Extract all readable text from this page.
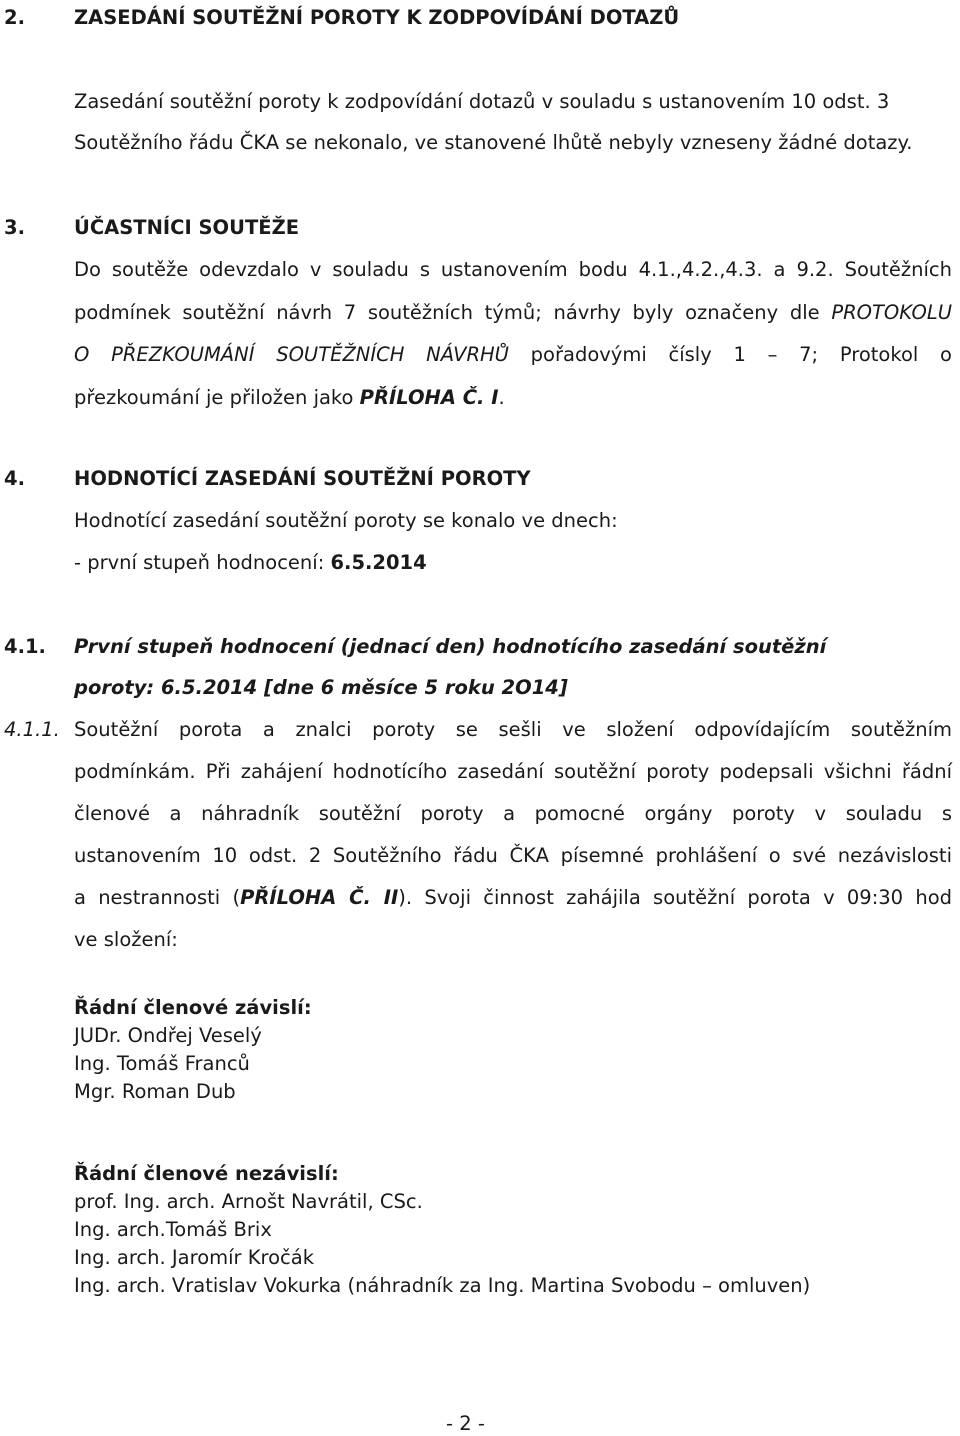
2.	ZASEDÁNÍ SOUTĚŽNÍ POROTY K ZODPOVÍDÁNÍ DOTAZŮ
Zasedání soutěžní poroty k zodpovídání dotazů v souladu s ustanovením 10 odst. 3
Soutěžního řádu ČKA se nekonalo, ve stanovené lhůtě nebyly vzneseny žádné dotazy.
3.	ÚČASTNÍCI SOUTĚŽE
Do soutěže odevzdalo v souladu s ustanovením bodu 4.1.,4.2.,4.3. a 9.2. Soutěžních
podmínek soutěžní návrh 7 soutěžních týmů; návrhy byly označeny dle PROTOKOLU
O PŘEZKOUMÁNÍ SOUTĚŽNÍCH NÁVRHŮ pořadovými čísly 1 – 7; Protokol o
přezkoumání je přiložen jako PŘÍLOHA Č. I.
4.	HODNOTÍCÍ ZASEDÁNÍ SOUTĚŽNÍ POROTY
Hodnotící zasedání soutěžní poroty se konalo ve dnech:
- první stupeň hodnocení: 6.5.2014
4.1. První stupeň hodnocení (jednací den) hodnotícího zasedání soutěžní
poroty: 6.5.2014 [dne 6 měsíce 5 roku 2O14]
4.1.1. Soutěžní porota a znalci poroty se sešli ve složení odpovídajícím soutěžním
podmínkám. Při zahájení hodnotícího zasedání soutěžní poroty podepsali všichni řádní
členové a náhradník soutěžní poroty a pomocné orgány poroty v souladu s
ustanovením 10 odst. 2 Soutěžního řádu ČKA písemné prohlášení o své nezávislosti
a nestrannosti (PŘÍLOHA Č. II). Svoji činnost zahájila soutěžní porota v 09:30 hod
ve složení:
Řádní členové závislí:
JUDr. Ondřej Veselý
Ing. Tomáš Franců
Mgr. Roman Dub
Řádní členové nezávislí:
prof. Ing. arch. Arnošt Navrátil, CSc.
Ing. arch.Tomáš Brix
Ing. arch. Jaromír Kročák
Ing. arch. Vratislav Vokurka (náhradník za Ing. Martina Svobodu – omluven)
- 2 -
